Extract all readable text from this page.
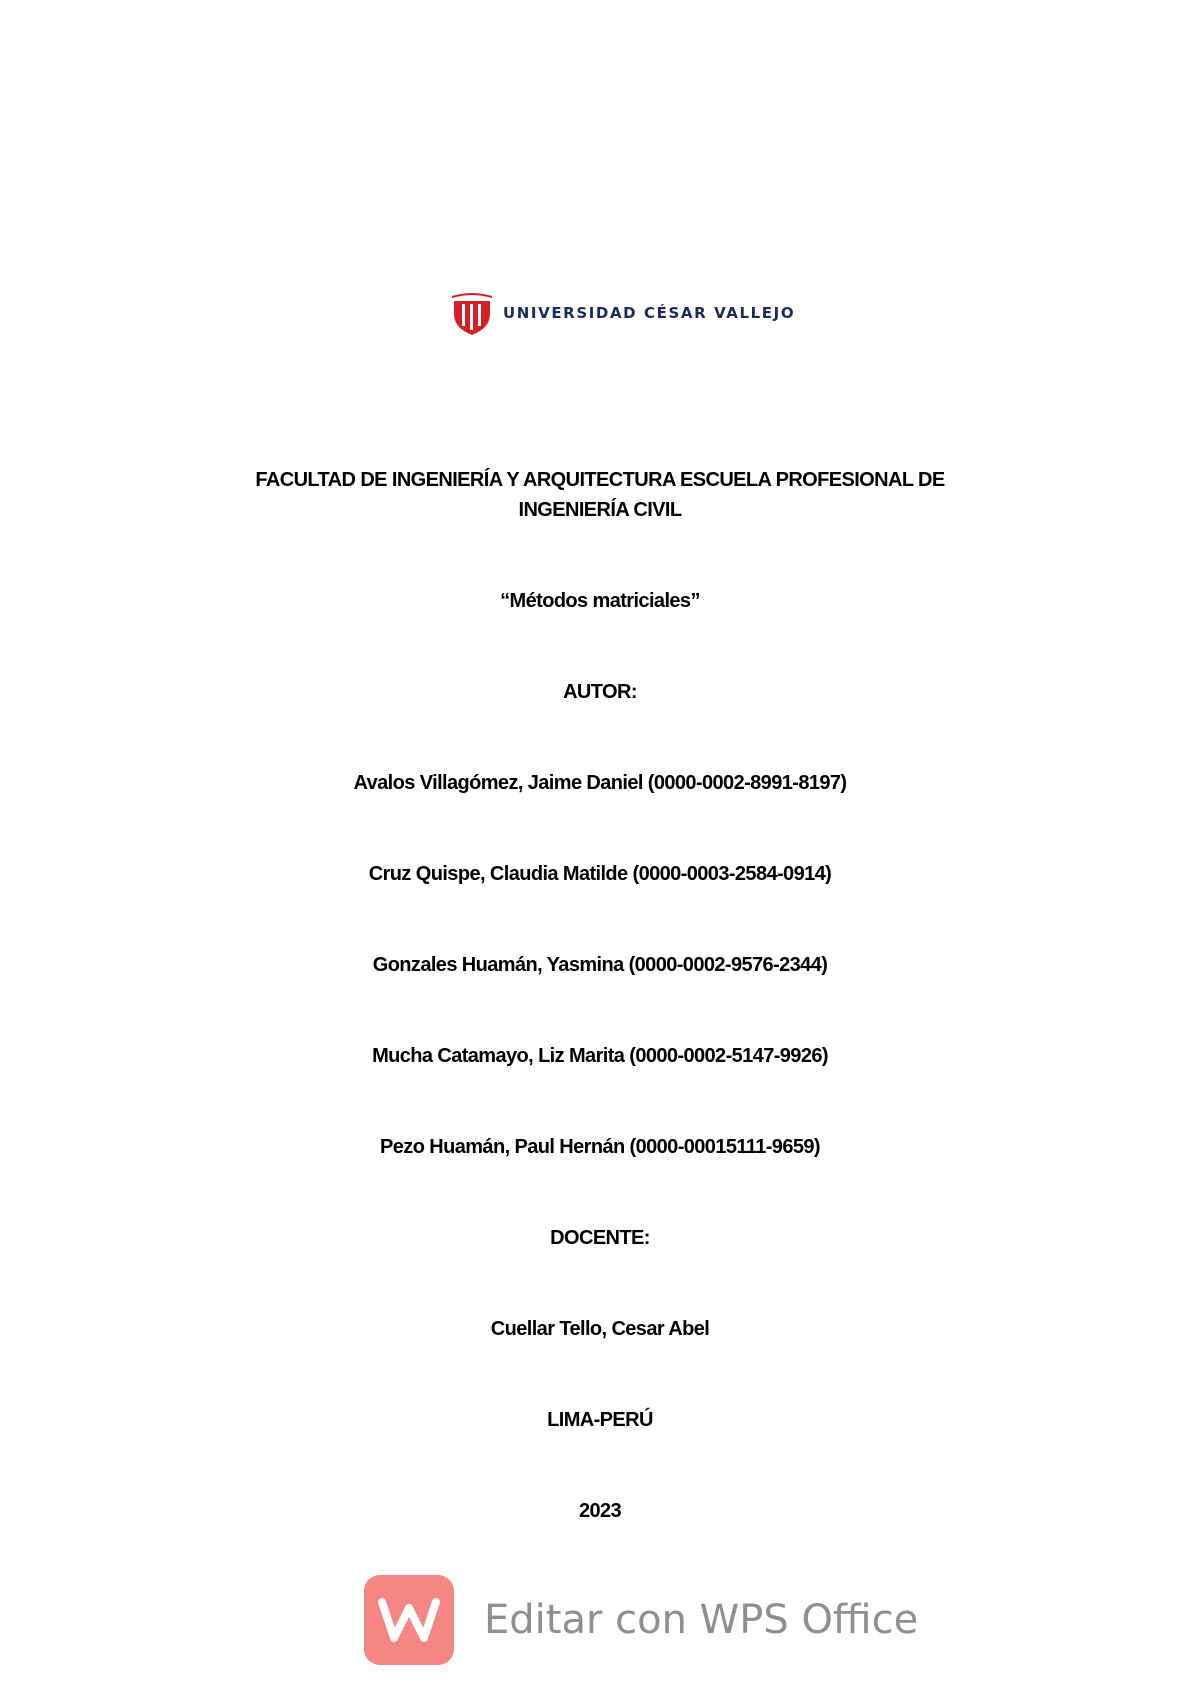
UNIVERSIDAD CÉSAR VALLEJO
FACULTAD DE INGENIERÍA Y ARQUITECTURA ESCUELA PROFESIONAL DE INGENIERÍA CIVIL
“Métodos matriciales”
AUTOR:
Avalos Villagómez, Jaime Daniel (0000-0002-8991-8197)
Cruz Quispe, Claudia Matilde (0000-0003-2584-0914)
Gonzales Huamán, Yasmina (0000-0002-9576-2344)
Mucha Catamayo, Liz Marita (0000-0002-5147-9926)
Pezo Huamán, Paul Hernán (0000-00015111-9659)
DOCENTE:
Cuellar Tello, Cesar Abel
LIMA-PERÚ
2023
Editar con WPS Office
